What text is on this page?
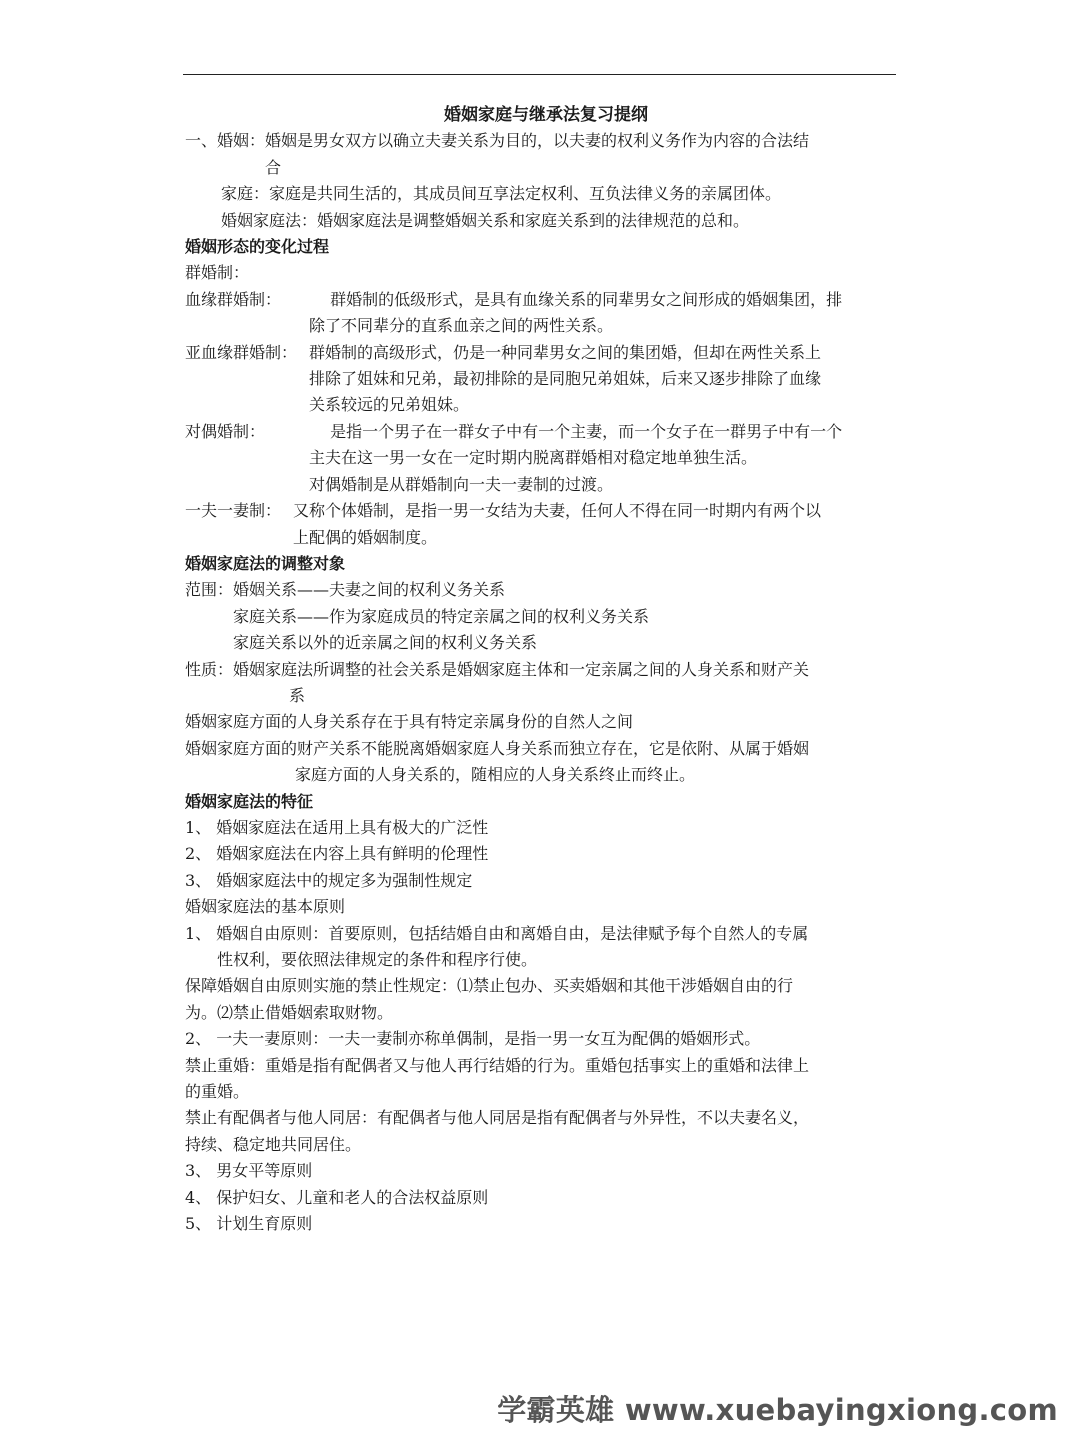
婚姻家庭与继承法复习提纲

一、婚姻： 婚姻是男女双方以确立夫妻关系为目的，以夫妻的权利义务作为内容的合法结
合

家庭：家庭是共同生活的，其成员间互享法定权利、互负法律义务的亲属团体。

婚姻家庭法：婚姻家庭法是调整婚姻关系和家庭关系到的法律规范的总和。

婚姻形态的变化过程

群婚制：

血缘群婚制：	　 群婚制的低级形式，是具有血缘关系的同辈男女之间形成的婚姻集团，排
除了不同辈分的直系血亲之间的两性关系。
亚血缘群婚制： 群婚制的高级形式，仍是一种同辈男女之间的集团婚，但却在两性关系上
排除了姐妹和兄弟，最初排除的是同胞兄弟姐妹，后来又逐步排除了血缘
关系较远的兄弟姐妹。
对偶婚制：	　 是指一个男子在一群女子中有一个主妻，而一个女子在一群男子中有一个
主夫在这一男一女在一定时期内脱离群婚相对稳定地单独生活。
对偶婚制是从群婚制向一夫一妻制的过渡。
一夫一妻制： 又称个体婚制，是指一男一女结为夫妻，任何人不得在同一时期内有两个以
上配偶的婚姻制度。

婚姻家庭法的调整对象

范围： 婚姻关系——夫妻之间的权利义务关系
家庭关系——作为家庭成员的特定亲属之间的权利义务关系
家庭关系以外的近亲属之间的权利义务关系
性质： 婚姻家庭法所调整的社会关系是婚姻家庭主体和一定亲属之间的人身关系和财产关
系

婚姻家庭方面的人身关系存在于具有特定亲属身份的自然人之间

婚姻家庭方面的财产关系不能脱离婚姻家庭人身关系而独立存在，它是依附、从属于婚姻

家庭方面的人身关系的，随相应的人身关系终止而终止。

婚姻家庭法的特征

1、 婚姻家庭法在适用上具有极大的广泛性

2、 婚姻家庭法在内容上具有鲜明的伦理性

3、 婚姻家庭法中的规定多为强制性规定

婚姻家庭法的基本原则

1、 婚姻自由原则：首要原则，包括结婚自由和离婚自由，是法律赋予每个自然人的专属

性权利，要依照法律规定的条件和程序行使。

保障婚姻自由原则实施的禁止性规定：⑴禁止包办、买卖婚姻和其他干涉婚姻自由的行

为。⑵禁止借婚姻索取财物。

2、 一夫一妻原则：一夫一妻制亦称单偶制，是指一男一女互为配偶的婚姻形式。

禁止重婚：重婚是指有配偶者又与他人再行结婚的行为。重婚包括事实上的重婚和法律上

的重婚。

禁止有配偶者与他人同居：有配偶者与他人同居是指有配偶者与外异性，不以夫妻名义，

持续、稳定地共同居住。

3、 男女平等原则

4、 保护妇女、儿童和老人的合法权益原则

5、 计划生育原则

学霸英雄 www.xuebayingxiong.com
